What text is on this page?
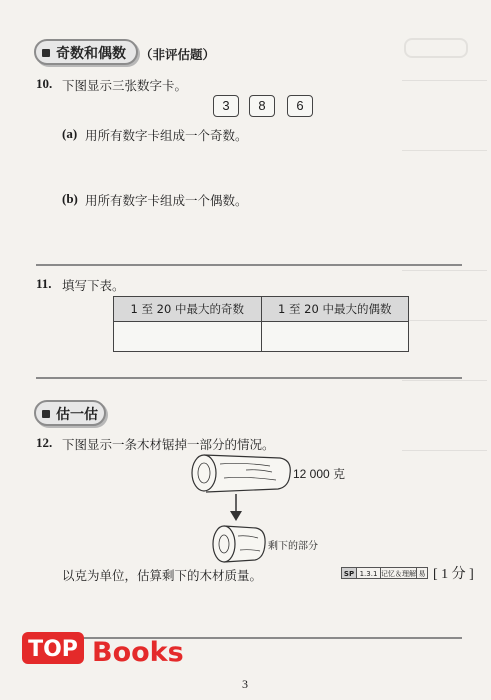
奇数和偶数	（非评估题）
10. 下图显示三张数字卡。
3	8	6
(a) 用所有数字卡组成一个奇数。
(b) 用所有数字卡组成一个偶数。
11. 填写下表。
1 至 20 中最大的奇数	1 至 20 中最大的偶数

估一估
12. 下图显示一条木材锯掉一部分的情况。
12 000 克
剩下的部分
以克为单位，估算剩下的木材质量。	SP 1.3.1 记忆＆理解 易 [ 1 分 ]
TOP Books
3
